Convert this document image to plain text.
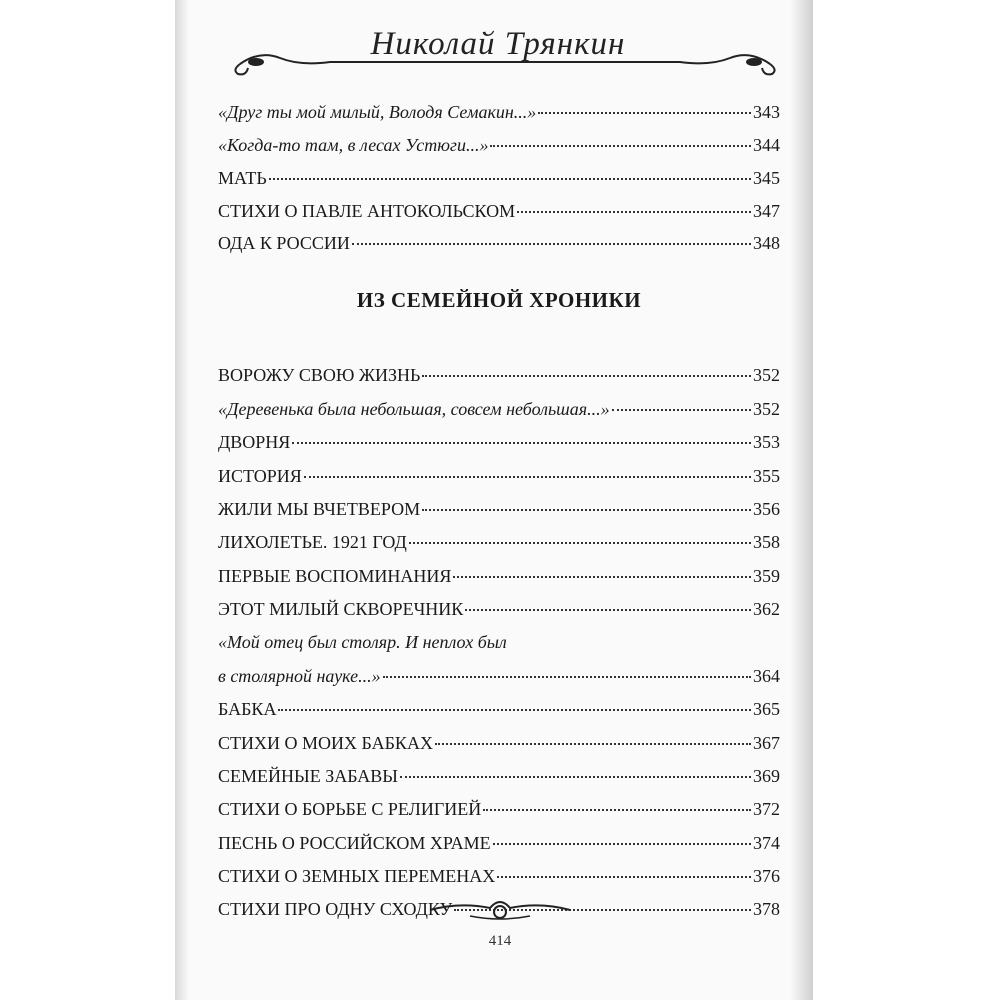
Николай Трянкин
«Друг ты мой милый, Володя Семакин...»	343
«Когда-то там, в лесах Устюги...»	344
МАТЬ	345
СТИХИ О ПАВЛЕ АНТОКОЛЬСКОМ	347
ОДА К РОССИИ	348
ИЗ СЕМЕЙНОЙ ХРОНИКИ
ВОРОЖУ СВОЮ ЖИЗНЬ	352
«Деревенька была небольшая, совсем небольшая...»	352
ДВОРНЯ	353
ИСТОРИЯ	355
ЖИЛИ МЫ ВЧЕТВЕРОМ	356
ЛИХОЛЕТЬЕ. 1921 ГОД	358
ПЕРВЫЕ ВОСПОМИНАНИЯ	359
ЭТОТ МИЛЫЙ СКВОРЕЧНИК	362
«Мой отец был столяр. И неплох был
в столярной науке...»	364
БАБКА	365
СТИХИ О МОИХ БАБКАХ	367
СЕМЕЙНЫЕ ЗАБАВЫ	369
СТИХИ О БОРЬБЕ С РЕЛИГИЕЙ	372
ПЕСНЬ О РОССИЙСКОМ ХРАМЕ	374
СТИХИ О ЗЕМНЫХ ПЕРЕМЕНАХ	376
СТИХИ ПРО ОДНУ СХОДКУ	378
414
